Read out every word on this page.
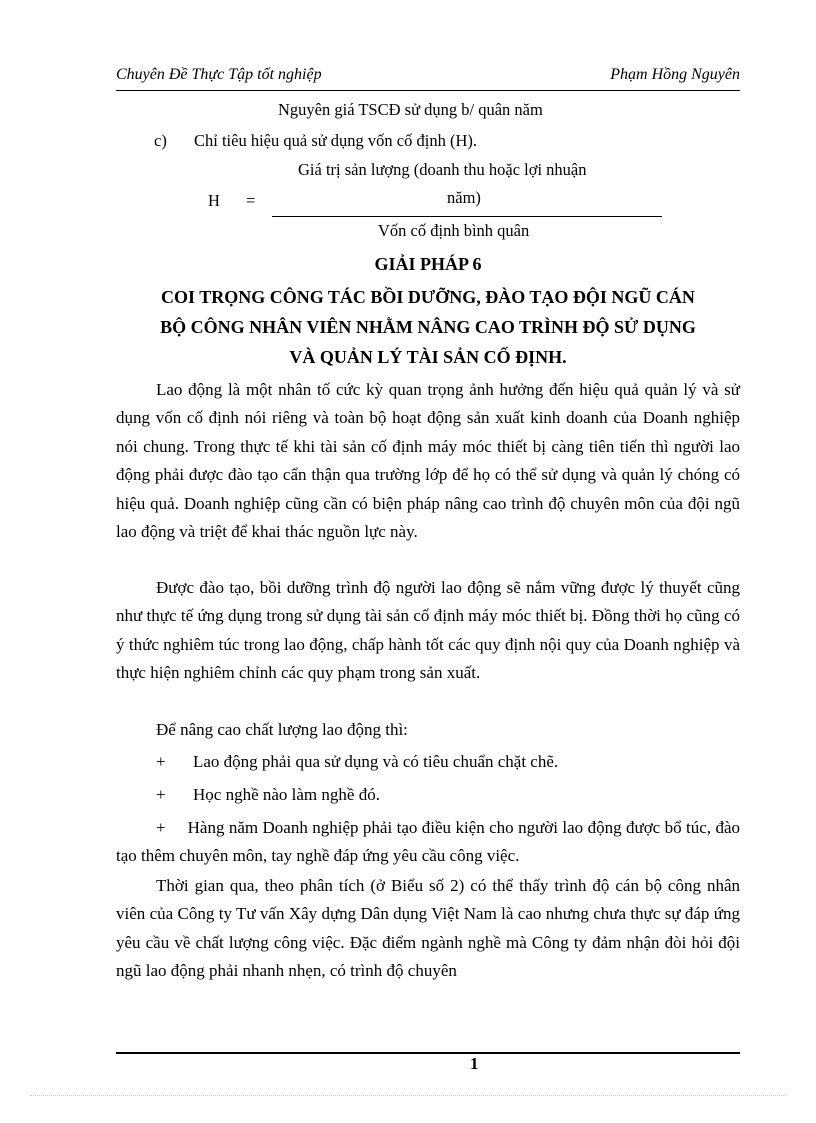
Chuyên Đề Thực Tập tốt nghiệp	Phạm Hồng Nguyên
Nguyên giá TSCĐ sử dụng b/ quân năm
c) Chỉ tiêu hiệu quả sử dụng vốn cố định (H).
Giá trị sản lượng (doanh thu hoặc lợi nhuận
năm)
H =
Vốn cố định bình quân
GIẢI PHÁP 6
COI TRỌNG CÔNG TÁC BỒI DƯỠNG, ĐÀO TẠO ĐỘI NGŨ CÁN
BỘ CÔNG NHÂN VIÊN NHẰM NÂNG CAO TRÌNH ĐỘ SỬ DỤNG
VÀ QUẢN LÝ TÀI SẢN CỐ ĐỊNH.
Lao động là một nhân tố cức kỳ quan trọng ảnh hưởng đến hiệu quả quản lý và sử dụng vốn cố định nói riêng và toàn bộ hoạt động sản xuất kinh doanh của Doanh nghiệp nói chung. Trong thực tế khi tài sản cố định máy móc thiết bị càng tiên tiến thì người lao động phải được đào tạo cẩn thận qua trường lớp để họ có thể sử dụng và quản lý chóng có hiệu quả. Doanh nghiệp cũng cần có biện pháp nâng cao trình độ chuyên môn của đội ngũ lao động và triệt để khai thác nguồn lực này.
Được đào tạo, bồi dưỡng trình độ người lao động sẽ nắm vững được lý thuyết cũng như thực tế ứng dụng trong sử dụng tài sản cố định máy móc thiết bị. Đồng thời họ cũng có ý thức nghiêm túc trong lao động, chấp hành tốt các quy định nội quy của Doanh nghiệp và thực hiện nghiêm chỉnh các quy phạm trong sản xuất.
Để nâng cao chất lượng lao động thì:
+ Lao động phải qua sử dụng và có tiêu chuẩn chặt chẽ.
+ Học nghề nào làm nghề đó.
+ Hàng năm Doanh nghiệp phải tạo điều kiện cho người lao động được bổ túc, đào tạo thêm chuyên môn, tay nghề đáp ứng yêu cầu công việc.
Thời gian qua, theo phân tích (ở Biểu số 2) có thể thấy trình độ cán bộ công nhân viên của Công ty Tư vấn Xây dựng Dân dụng Việt Nam là cao nhưng chưa thực sự đáp ứng yêu cầu về chất lượng công việc. Đặc điểm ngành nghề mà Công ty đảm nhận đòi hỏi đội ngũ lao động phải nhanh nhẹn, có trình độ chuyên
1
